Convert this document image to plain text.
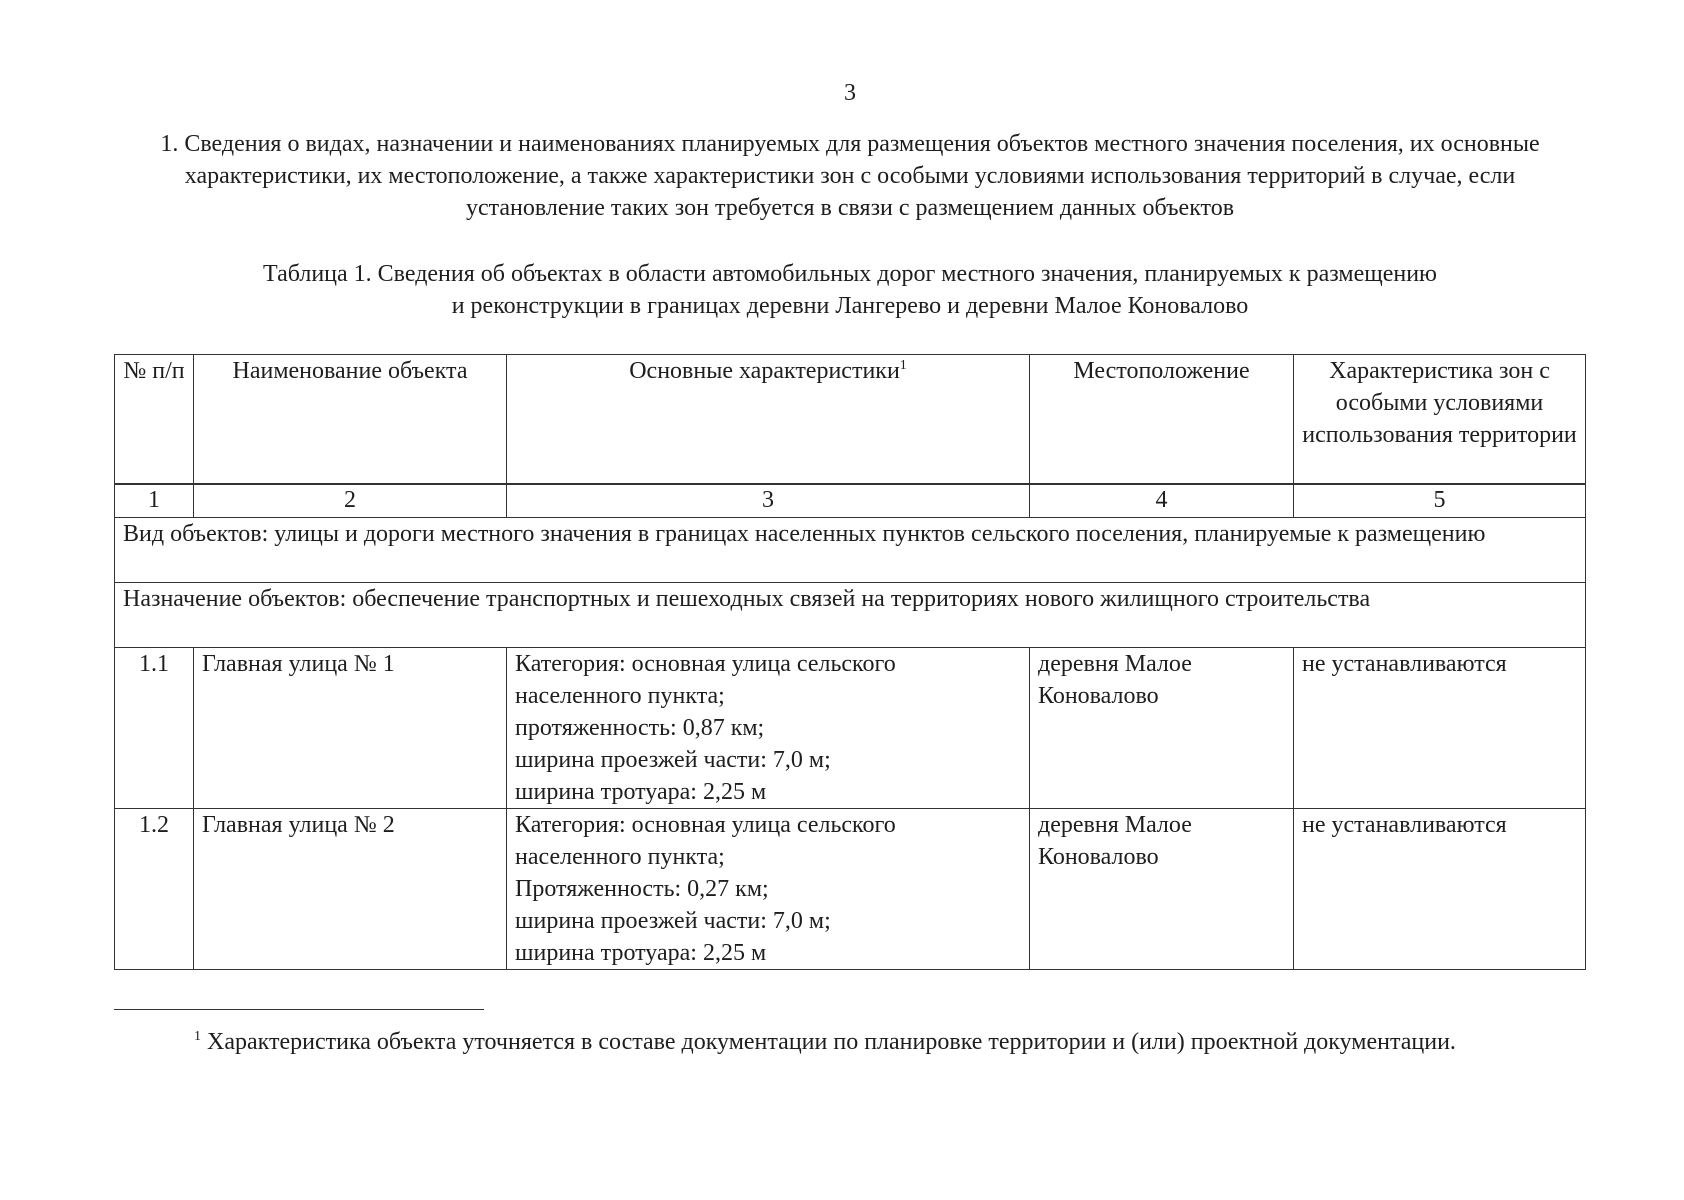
3
1. Сведения о видах, назначении и наименованиях планируемых для размещения объектов местного значения поселения, их основные характеристики, их местоположение, а также характеристики зон с особыми условиями использования территорий в случае, если установление таких зон требуется в связи с размещением данных объектов
Таблица 1. Сведения об объектах в области автомобильных дорог местного значения, планируемых к размещению
и реконструкции в границах деревни Лангерево и деревни Малое Коновалово
№ п/п	Наименование объекта	Основные характеристики$^1$	Местоположение	Характеристика зон с особыми условиями использования территории

1	2	3	4	5
Вид объектов: улицы и дороги местного значения в границах населенных пунктов сельского поселения, планируемые к размещению				
Назначение объектов: обеспечение транспортных и пешеходных связей на территориях нового жилищного строительства				
1.1	Главная улица № 1	Категория: основная улица сельского
населенного пункта;
протяженность: 0,87 км;
ширина проезжей части: 7,0 м;
ширина тротуара: 2,25 м	деревня Малое Коновалово	не устанавливаются
1.2	Главная улица № 2	Категория: основная улица сельского
населенного пункта;
Протяженность: 0,27 км;
ширина проезжей части: 7,0 м;
ширина тротуара: 2,25 м	деревня Малое Коновалово	не устанавливаются
$^1$ Характеристика объекта уточняется в составе документации по планировке территории и (или) проектной документации.
